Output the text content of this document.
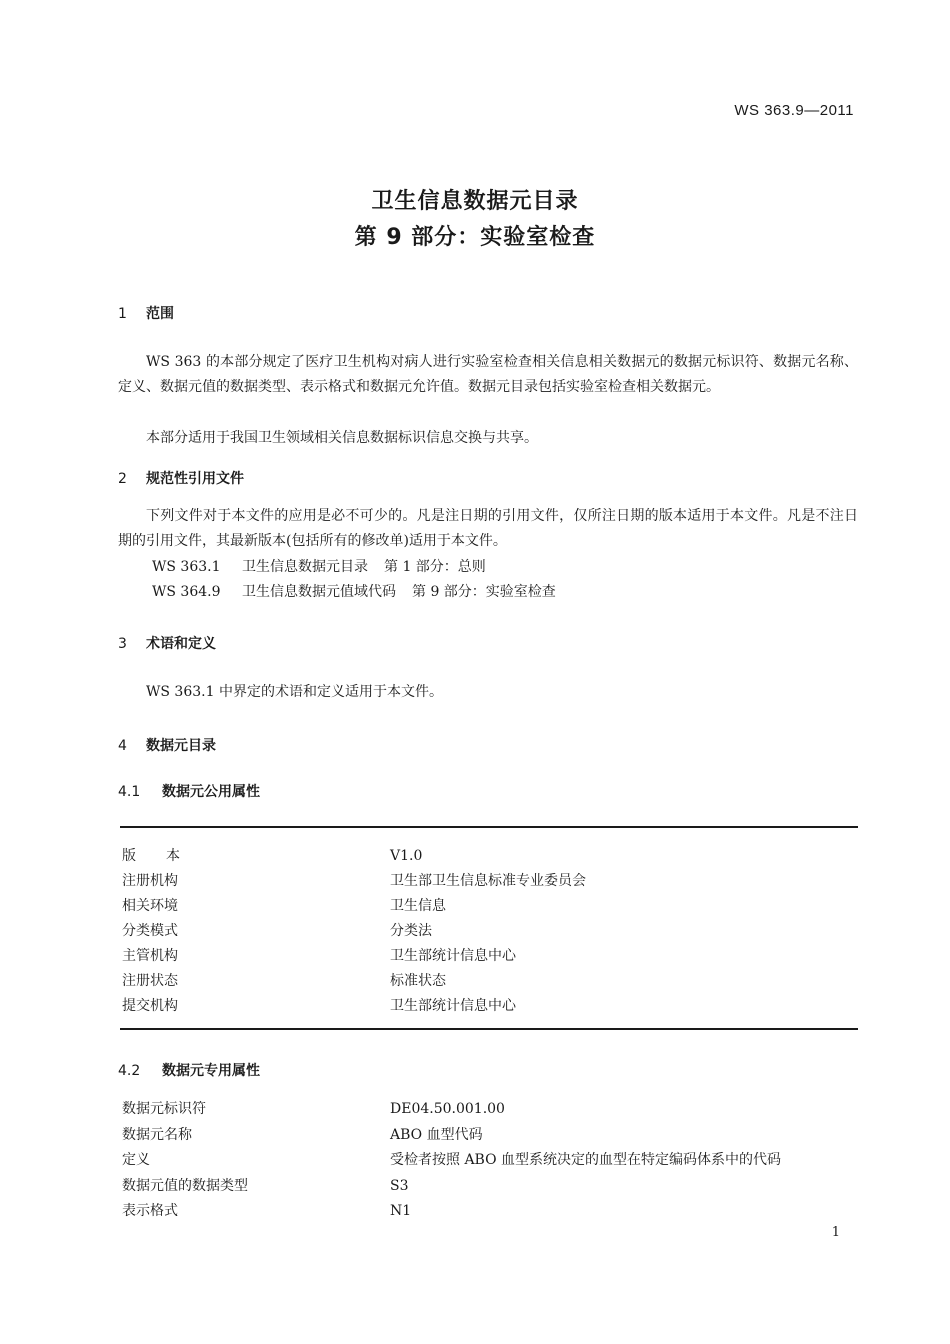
WS 363.9—2011
卫生信息数据元目录
第 9 部分：实验室检查
1 范围
WS 363 的本部分规定了医疗卫生机构对病人进行实验室检查相关信息相关数据元的数据元标识符、数据元名称、定义、数据元值的数据类型、表示格式和数据元允许值。数据元目录包括实验室检查相关数据元。
本部分适用于我国卫生领域相关信息数据标识信息交换与共享。
2 规范性引用文件
下列文件对于本文件的应用是必不可少的。凡是注日期的引用文件，仅所注日期的版本适用于本文件。凡是不注日期的引用文件，其最新版本(包括所有的修改单)适用于本文件。
WS 363.1 卫生信息数据元目录 第 1 部分：总则
WS 364.9 卫生信息数据元值域代码 第 9 部分：实验室检查
3 术语和定义
WS 363.1 中界定的术语和定义适用于本文件。
4 数据元目录
4.1 数据元公用属性
版本	V1.0
注册机构	卫生部卫生信息标准专业委员会
相关环境	卫生信息
分类模式	分类法
主管机构	卫生部统计信息中心
注册状态	标准状态
提交机构	卫生部统计信息中心
4.2 数据元专用属性
数据元标识符	DE04.50.001.00
数据元名称	ABO 血型代码
定义	受检者按照 ABO 血型系统决定的血型在特定编码体系中的代码
数据元值的数据类型	S3
表示格式	N1
1
